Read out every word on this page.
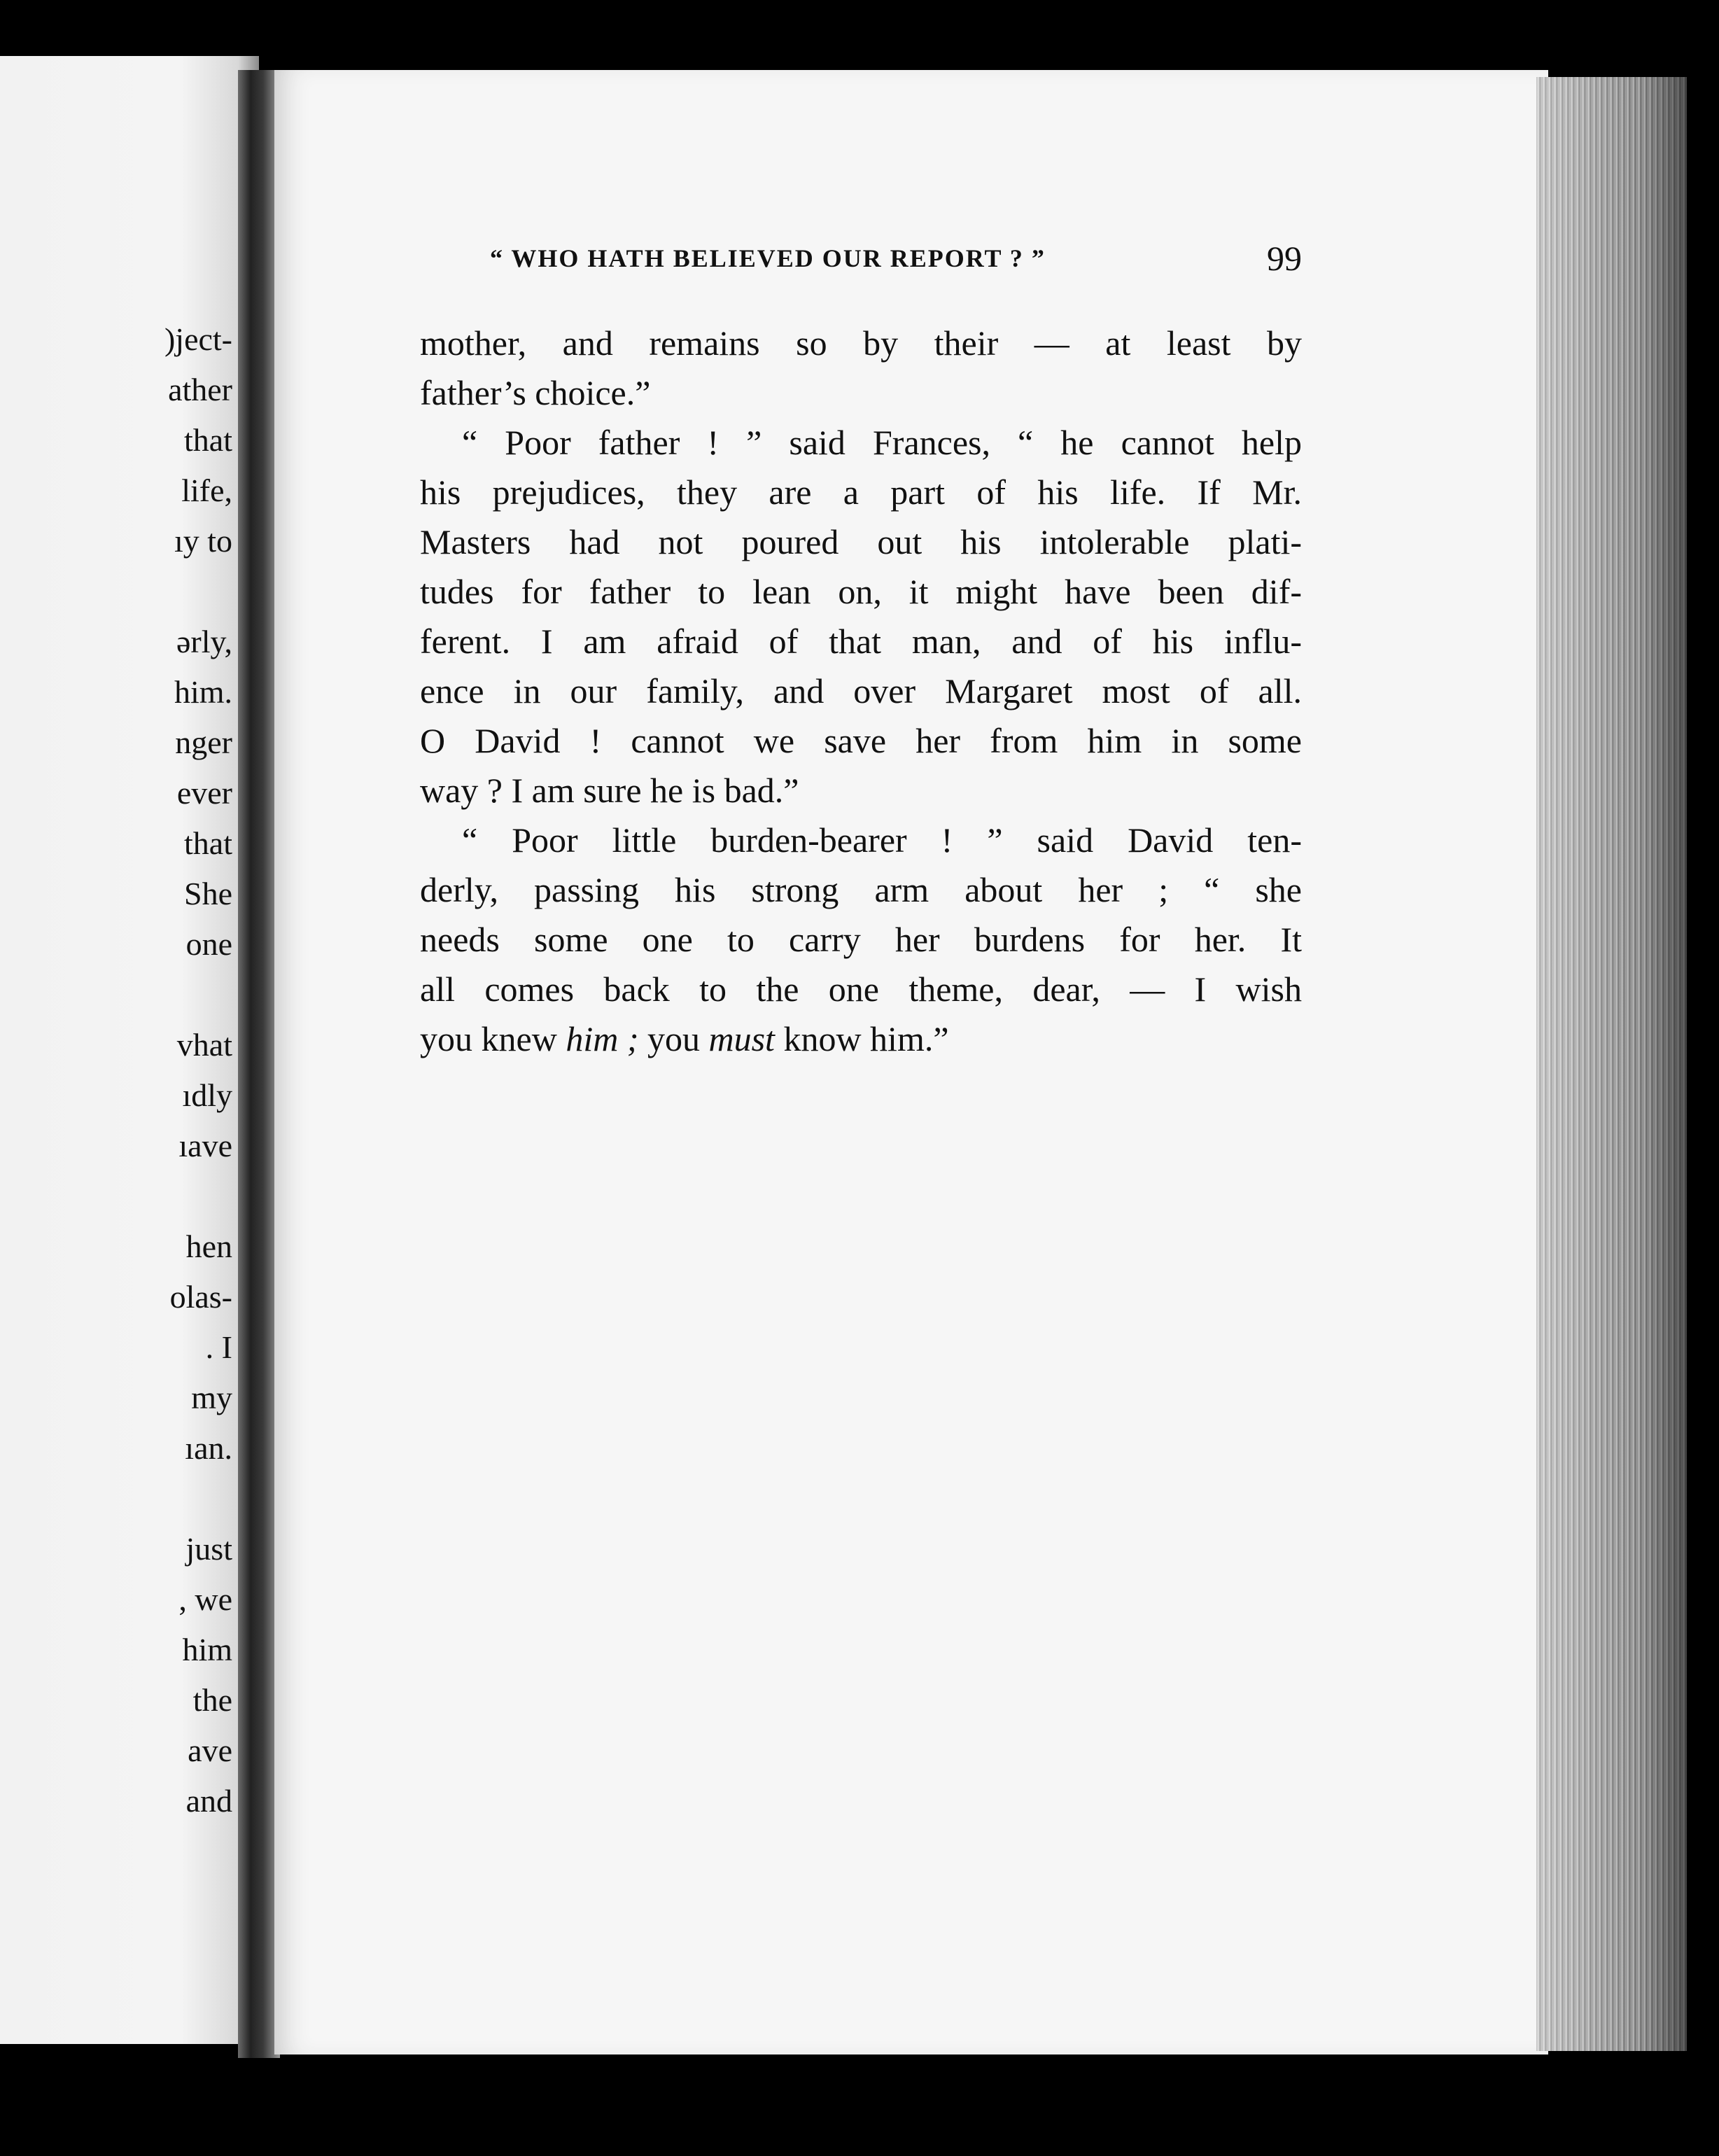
)ject-
ather
that
life,
ıy to
ərly,
him.
nger
ever
that
She
one
vhat
ıdly
ıave
hen
olas-
. I
my
ıan.
just
, we
him
the
ave
and
“ WHO HATH BELIEVED OUR REPORT ? ”	99
mother, and remains so by their — at least by
father’s choice.”
“ Poor father ! ” said Frances, “ he cannot help
his prejudices, they are a part of his life. If Mr.
Masters had not poured out his intolerable plati-
tudes for father to lean on, it might have been dif-
ferent. I am afraid of that man, and of his influ-
ence in our family, and over Margaret most of all.
O David ! cannot we save her from him in some
way ? I am sure he is bad.”
“ Poor little burden-bearer ! ” said David ten-
derly, passing his strong arm about her ; “ she
needs some one to carry her burdens for her. It
all comes back to the one theme, dear, — I wish
you knew him ; you must know him.”
